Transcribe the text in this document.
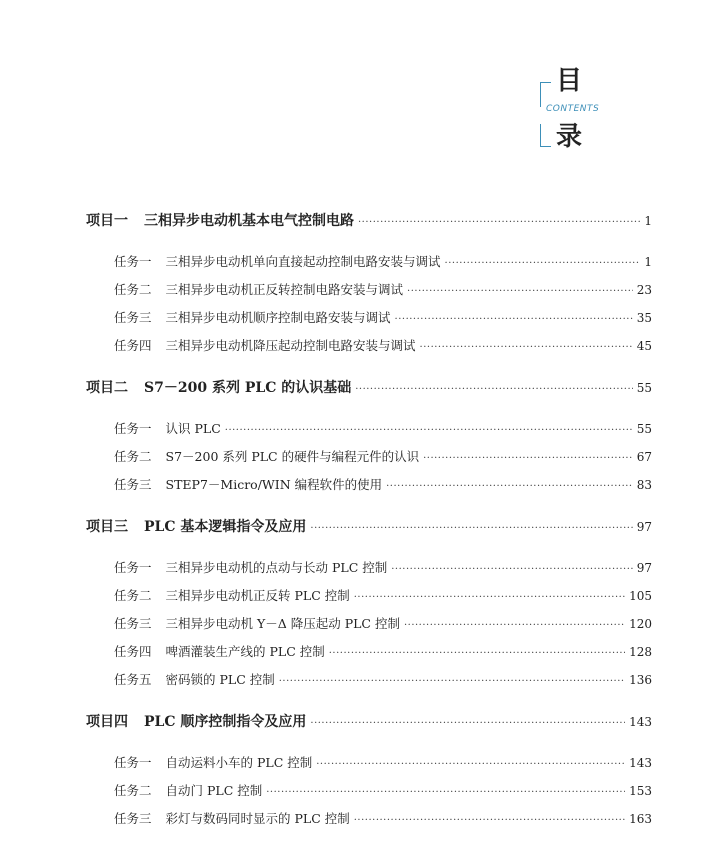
目
CONTENTS
录
项目一 三相异步电动机基本电气控制电路 ·····	1
任务一 三相异步电动机单向直接起动控制电路安装与调试 ·····	1
任务二 三相异步电动机正反转控制电路安装与调试 ·····	23
任务三 三相异步电动机顺序控制电路安装与调试 ·····	35
任务四 三相异步电动机降压起动控制电路安装与调试 ·····	45
项目二 S7－200 系列 PLC 的认识基础 ·····	55
任务一 认识 PLC ·····	55
任务二 S7－200 系列 PLC 的硬件与编程元件的认识 ·····	67
任务三 STEP7－Micro/WIN 编程软件的使用 ·····	83
项目三 PLC 基本逻辑指令及应用 ·····	97
任务一 三相异步电动机的点动与长动 PLC 控制 ·····	97
任务二 三相异步电动机正反转 PLC 控制 ·····	105
任务三 三相异步电动机 Y－Δ 降压起动 PLC 控制 ·····	120
任务四 啤酒灌装生产线的 PLC 控制 ·····	128
任务五 密码锁的 PLC 控制 ·····	136
项目四 PLC 顺序控制指令及应用 ·····	143
任务一 自动运料小车的 PLC 控制 ·····	143
任务二 自动门 PLC 控制 ·····	153
任务三 彩灯与数码同时显示的 PLC 控制 ·····	163
